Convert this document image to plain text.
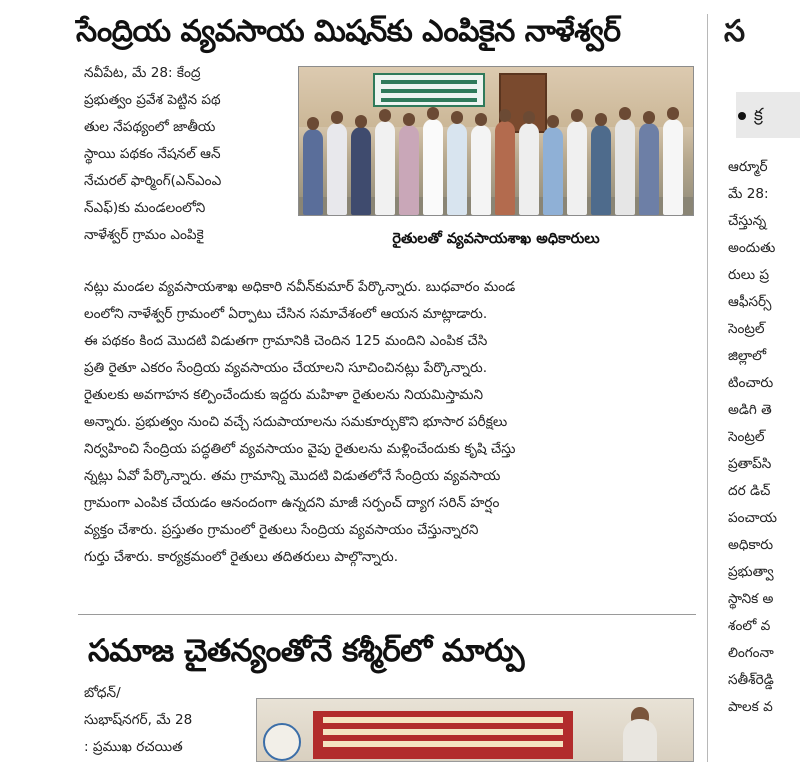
సేంద్రియ వ్యవసాయ మిషన్‌కు ఎంపికైన నాళేశ్వర్
నవీపేట, మే 28: కేంద్ర
ప్రభుత్వం ప్రవేశ పెట్టిన పథ
తుల నేపథ్యంలో జాతీయ
స్థాయి పథకం నేషనల్ ఆన్
నేచురల్ ఫార్మింగ్(ఎన్ఎంఎ
న్ఎఫ్)కు మండలంలోని
నాళేశ్వర్ గ్రామం ఎంపికై	రైతులతో వ్యవసాయశాఖ అధికారులు
నట్లు మండల వ్యవసాయశాఖ అధికారి నవీన్‌కుమార్ పేర్కొన్నారు. బుధవారం మండ
లంలోని నాళేశ్వర్ గ్రామంలో ఏర్పాటు చేసిన సమావేశంలో ఆయన మాట్లాడారు.
ఈ పథకం కింద మొదటి విడుతగా గ్రామానికి చెందిన 125 మందిని ఎంపిక చేసి
ప్రతి రైతూ ఎకరం సేంద్రియ వ్యవసాయం చేయాలని సూచించినట్లు పేర్కొన్నారు.
రైతులకు అవగాహన కల్పించేందుకు ఇద్దరు మహిళా రైతులను నియమిస్తామని
అన్నారు. ప్రభుత్వం నుంచి వచ్చే సదుపాయాలను సమకూర్చుకొని భూసార పరీక్షలు
నిర్వహించి సేంద్రియ పద్ధతిలో వ్యవసాయం వైపు రైతులను మళ్లించేందుకు కృషి చేస్తు
న్నట్లు ఏవో పేర్కొన్నారు. తమ గ్రామాన్ని మొదటి విడుతలోనే సేంద్రియ వ్యవసాయ
గ్రామంగా ఎంపిక చేయడం ఆనందంగా ఉన్నదని మాజీ సర్పంచ్ ద్యాగ సరిన్ హర్షం
వ్యక్తం చేశారు. ప్రస్తుతం గ్రామంలో రైతులు సేంద్రియ వ్యవసాయం చేస్తున్నారని
గుర్తు చేశారు. కార్యక్రమంలో రైతులు తదితరులు పాల్గొన్నారు.
సమాజ చైతన్యంతోనే కశ్మీర్‌లో మార్పు
బోధన్/
సుభాష్‌నగర్, మే 28
: ప్రముఖ రచయిత
స
క్ర
ఆర్మూర్‌
మే 28:
చేస్తున్న
అందుతు
రులు ప్ర
ఆఫీసర్స్
సెంట్రల్
జిల్లాలో
టించారు
అడిగి తె
సెంట్రల్
ప్రతాప్‌సి
దర డిచ్
పంచాయ
అధికారు
ప్రభుత్వా
స్థానిక అ
శంలో వ
లింగంనా
సతీశ్‌రెడ్డి
పాలక వ
